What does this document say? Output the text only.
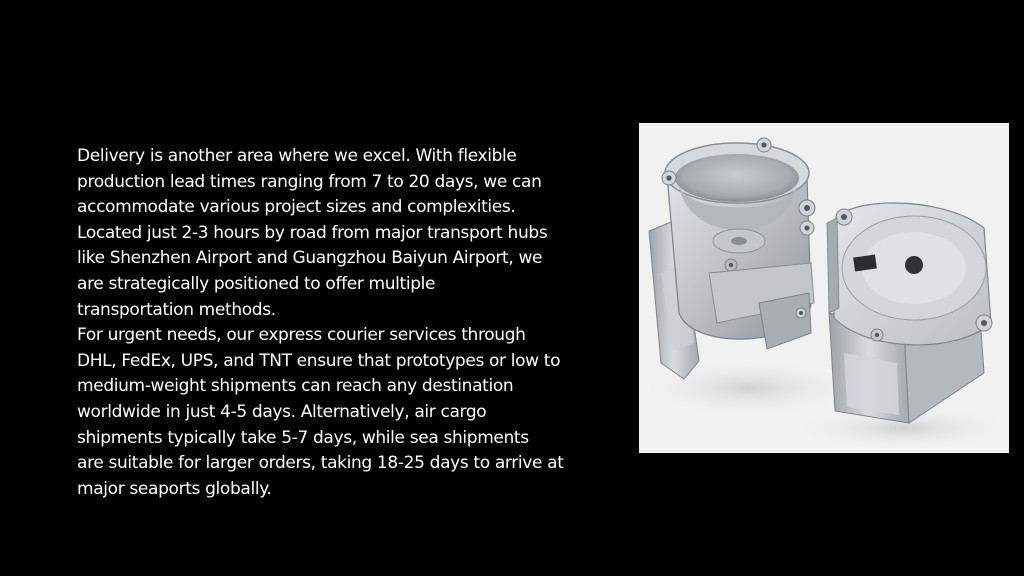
Delivery is another area where we excel. With flexible
production lead times ranging from 7 to 20 days, we can
accommodate various project sizes and complexities.
Located just 2-3 hours by road from major transport hubs
like Shenzhen Airport and Guangzhou Baiyun Airport, we
are strategically positioned to offer multiple
transportation methods.
For urgent needs, our express courier services through
DHL, FedEx, UPS, and TNT ensure that prototypes or low to
medium-weight shipments can reach any destination
worldwide in just 4-5 days. Alternatively, air cargo
shipments typically take 5-7 days, while sea shipments
are suitable for larger orders, taking 18-25 days to arrive at
major seaports globally.
